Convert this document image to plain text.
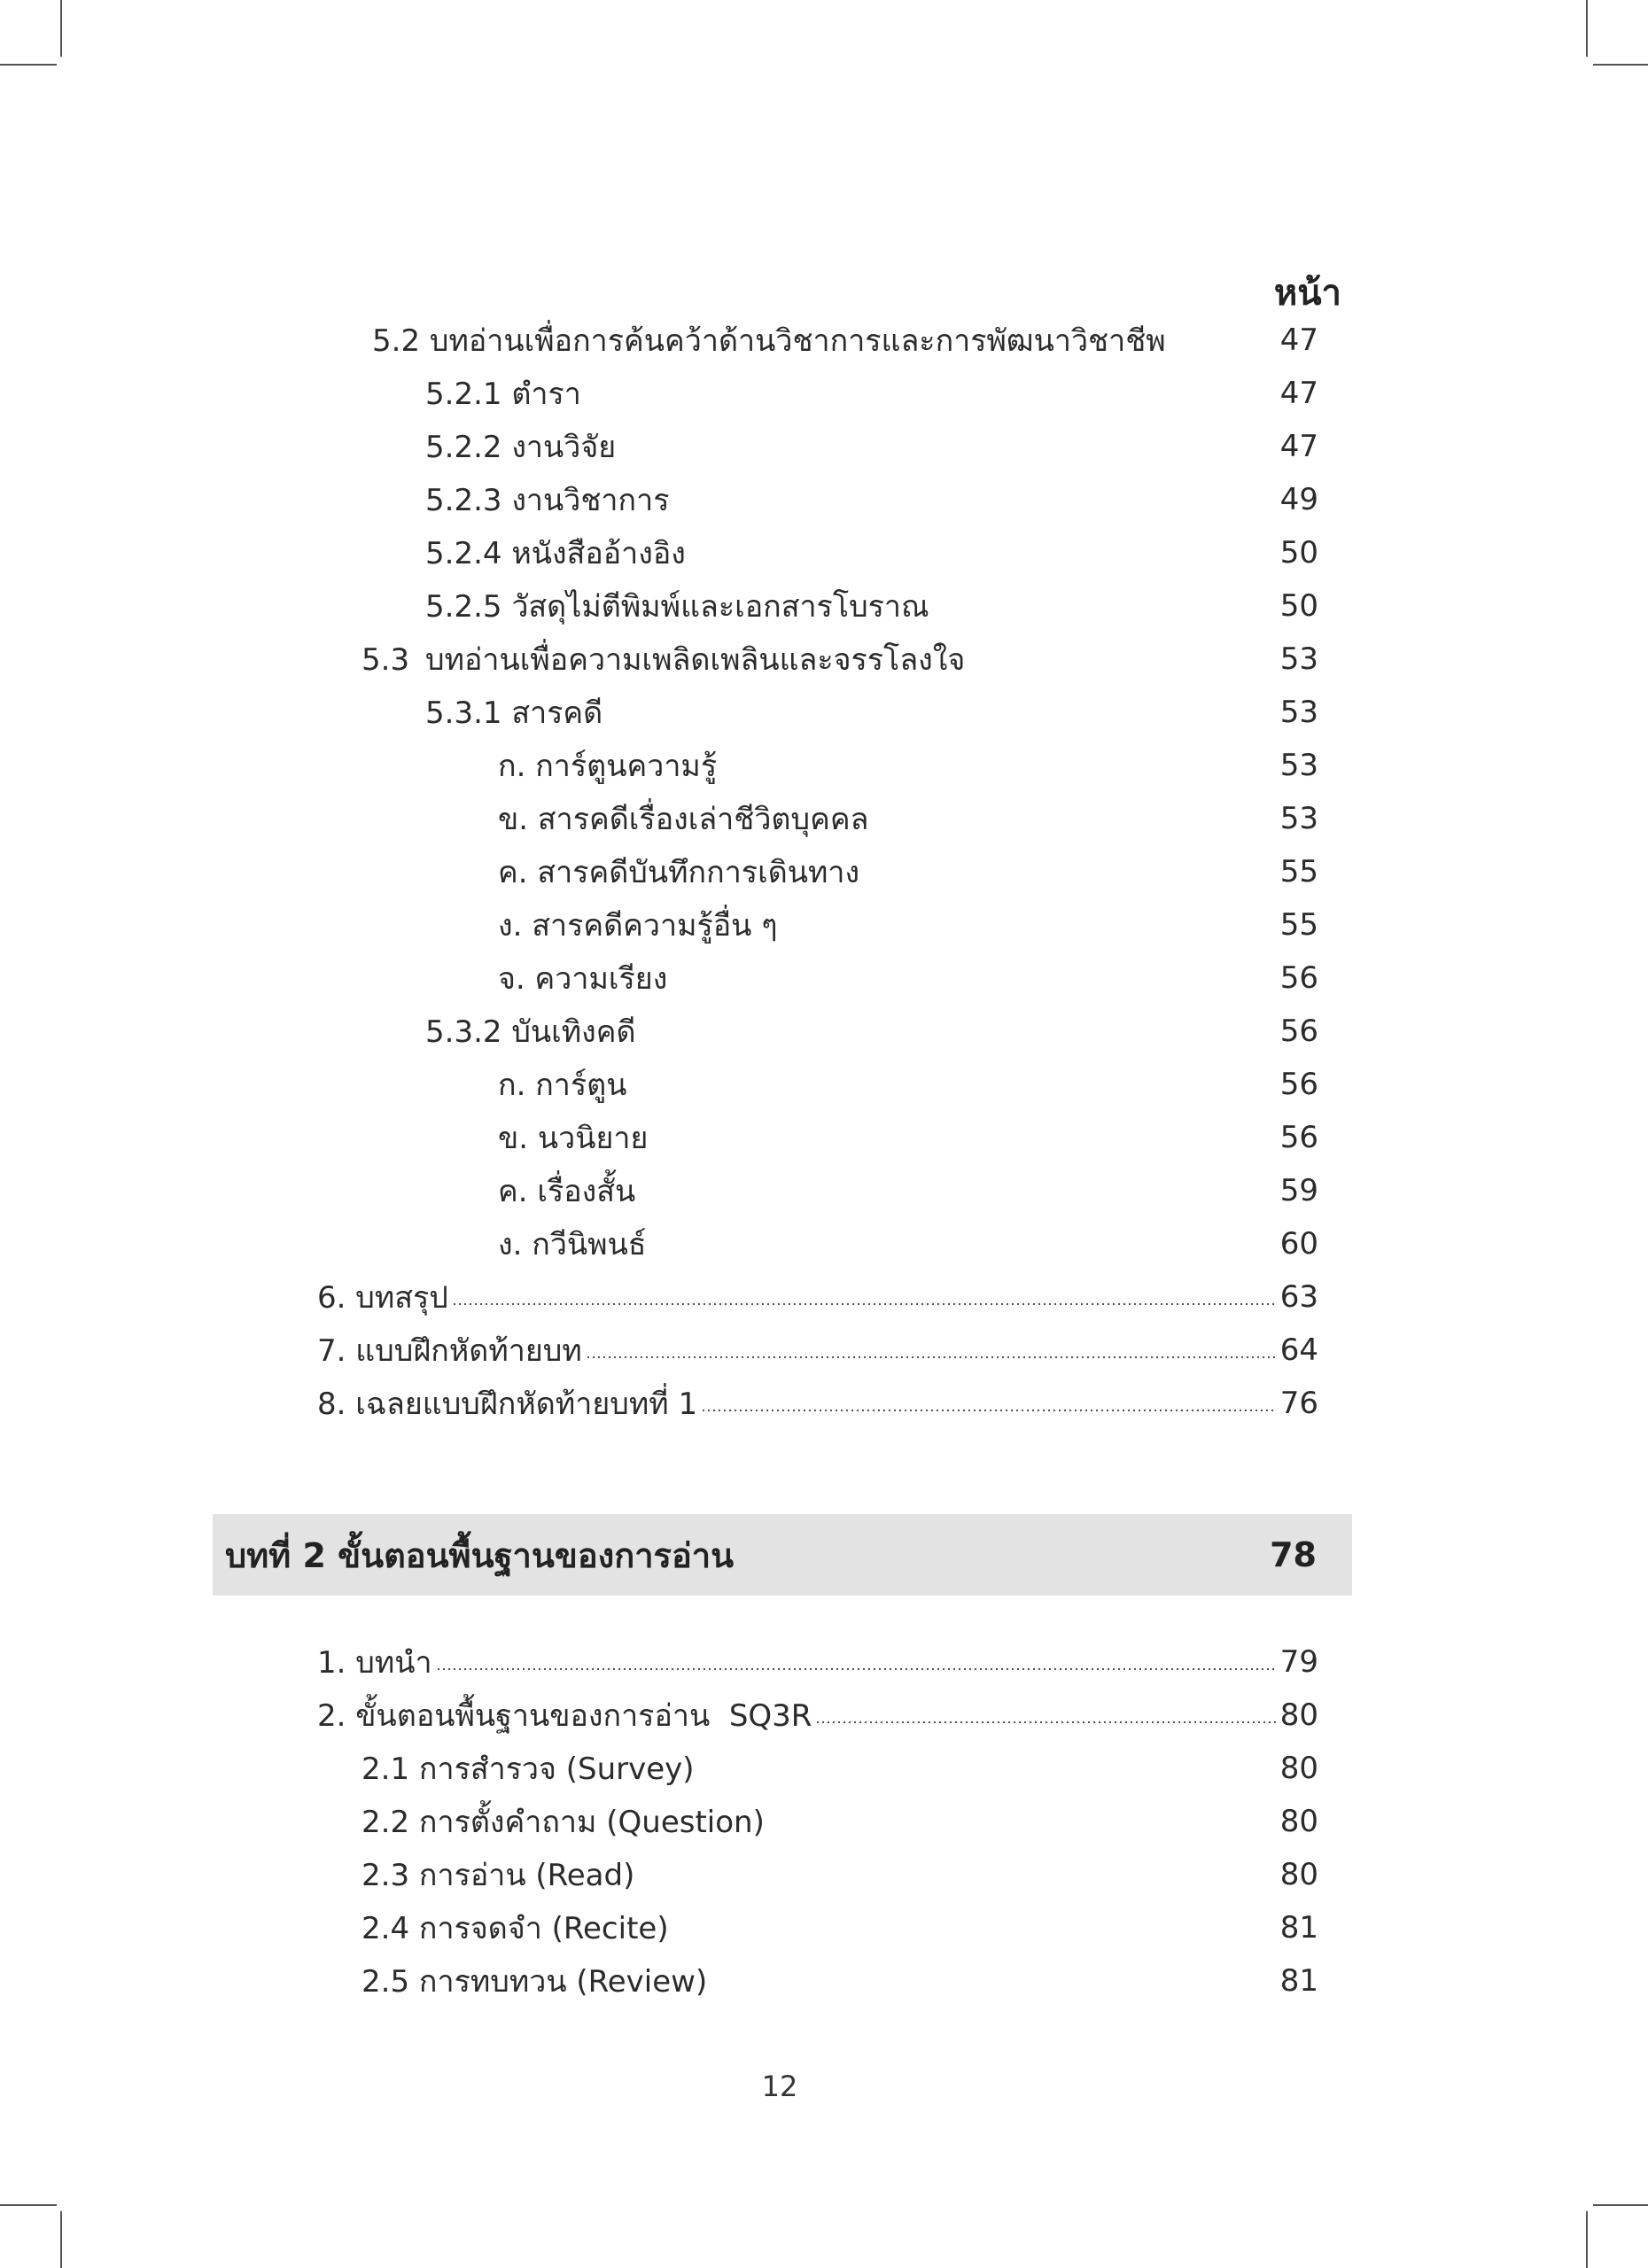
หน้า
5.2 บทอ่านเพื่อการค้นคว้าด้านวิชาการและการพัฒนาวิชาชีพ	47
5.2.1 ตำรา	47
5.2.2 งานวิจัย	47
5.2.3 งานวิชาการ	49
5.2.4 หนังสืออ้างอิง	50
5.2.5 วัสดุไม่ตีพิมพ์และเอกสารโบราณ	50
5.3 บทอ่านเพื่อความเพลิดเพลินและจรรโลงใจ	53
5.3.1 สารคดี	53
ก. การ์ตูนความรู้	53
ข. สารคดีเรื่องเล่าชีวิตบุคคล	53
ค. สารคดีบันทึกการเดินทาง	55
ง. สารคดีความรู้อื่น ๆ	55
จ. ความเรียง	56
5.3.2 บันเทิงคดี	56
ก. การ์ตูน	56
ข. นวนิยาย	56
ค. เรื่องสั้น	59
ง. กวีนิพนธ์	60
6. บทสรุป	63
7. แบบฝึกหัดท้ายบท	64
8. เฉลยแบบฝึกหัดท้ายบทที่ 1	76
บทที่ 2 ขั้นตอนพื้นฐานของการอ่าน	78
1. บทนำ	79
2. ขั้นตอนพื้นฐานของการอ่าน  SQ3R	80
2.1 การสำรวจ (Survey)	80
2.2 การตั้งคำถาม (Question)	80
2.3 การอ่าน (Read)	80
2.4 การจดจำ (Recite)	81
2.5 การทบทวน (Review)	81
12
